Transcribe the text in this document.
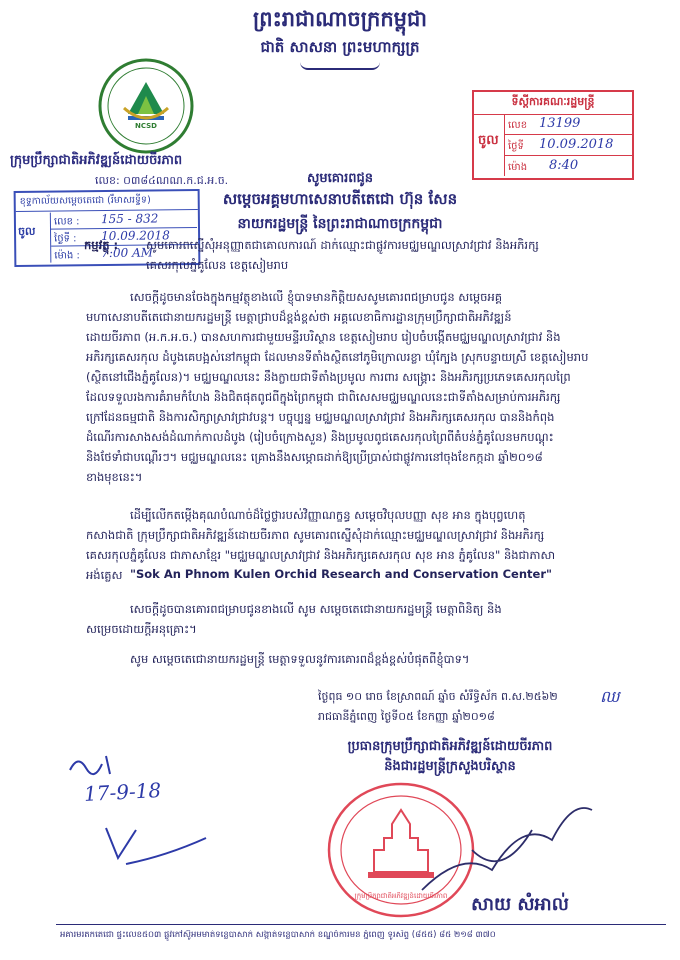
ព្រះរាជាណាចក្រកម្ពុជា
ជាតិ សាសនា ព្រះមហាក្សត្រ
NCSD
ក្រុមប្រឹក្សាជាតិអភិវឌ្ឍន៍ដោយចីរភាព
លេខ: ០៣៨៤ណណ.ក.ជ.អ.ច.
ខុទ្ទកាល័យសម្ដេចតេជោ (រឹមាសរទ្វីទ)
ចូល
លេខ : 155 - 832
ថ្ងៃទី : 10.09.2018
ម៉ោង : 7:00 AM
ទីស្ដីការគណៈរដ្ឋមន្ត្រី
ចូល
លេខ 13199
ថ្ងៃទី 10.09.2018
ម៉ោង 8:40
សូមគោរពជូន
សម្ដេចអគ្គមហាសេនាបតីតេជោ ហ៊ុន សែន
នាយករដ្ឋមន្ត្រី នៃព្រះរាជាណាចក្រកម្ពុជា
កម្មវត្ថុ : សូមគោរពស្នើសុំអនុញ្ញាតជាគោលការណ៍ ដាក់ឈ្មោះជាផ្លូវការមជ្ឈមណ្ឌលស្រាវជ្រាវ និងអភិរក្ស
គេសរកុលភ្នំគូលែន ខេត្តសៀមរាប
សេចក្ដីដូចមានចែងក្នុងកម្មវត្ថុខាងលើ ខ្ញុំបាទមានកិត្តិយសសូមគោរពជម្រាបជូន សម្ដេចអគ្គ
មហាសេនាបតីតេជោនាយករដ្ឋមន្ត្រី មេត្តាជ្រាបដ៏ខ្ពង់ខ្ពស់ថា អគ្គលេខាធិការដ្ឋានក្រុមប្រឹក្សាជាតិអភិវឌ្ឍន៍
ដោយចីរភាព (អ.ក.អ.ច.) បានសហការជាមួយមន្ទីរបរិស្ថាន ខេត្តសៀមរាប រៀបចំបង្កើតមជ្ឈមណ្ឌលស្រាវជ្រាវ និង
អភិរក្សគេសរកុល ដំបូងគេបង្អស់នៅកម្ពុជា ដែលមានទីតាំងស្ថិតនៅភូមិក្រោលរខ្លា ឃុំក្បែង ស្រុកបន្ទាយស្រី ខេត្តសៀមរាប
(ស្ថិតនៅជើងភ្នំគូលែន)។ មជ្ឈមណ្ឌលនេះ នឹងក្លាយជាទីតាំងប្រមូល ការពារ សង្គ្រោះ និងអភិរក្សប្រភេទគេសរកុលព្រៃ
ដែលទទួលរងការគំរាមកំហែង និងជិតផុតពូជពីក្នុងព្រៃកម្ពុជា ជាពិសេសមជ្ឈមណ្ឌលនេះជាទីតាំងសម្រាប់ការអភិរក្ស
ក្រៅដែនធម្មជាតិ និងការសិក្សាស្រាវជ្រាវបន្ត។ បច្ចុប្បន្ន មជ្ឈមណ្ឌលស្រាវជ្រាវ និងអភិរក្សគេសរកុល បាននិងកំពុង
ដំណើរការសាងសង់ដំណាក់កាលដំបូង (រៀបចំក្រោងសួន) និងប្រមូលពូជគេសរកុលព្រៃពីតំបន់ភ្នំគូលែនមកបណ្ដុះ
និងថែទាំជាបណ្ដើរៗ។ មជ្ឈមណ្ឌលនេះ គ្រោងនឹងសម្ភោធដាក់ឱ្យប្រើប្រាស់ជាផ្លូវការនៅចុងខែកក្កដា ឆ្នាំ២០១៨
ខាងមុខនេះ។
ដើម្បីលើកតម្កើងគុណបំណាច់ដ៏ថ្លៃថ្លារបស់វិញ្ញាណក្ខន្ធ សម្ដេចវិបុលបញ្ញា សុខ អាន ក្នុងបុព្វហេតុ
កសាងជាតិ ក្រុមប្រឹក្សាជាតិអភិវឌ្ឍន៍ដោយចីរភាព សូមគោរពស្នើសុំដាក់ឈ្មោះមជ្ឈមណ្ឌលស្រាវជ្រាវ និងអភិរក្ស
គេសរកុលភ្នំគូលែន ជាភាសាខ្មែរ "មជ្ឈមណ្ឌលស្រាវជ្រាវ និងអភិរក្សគេសរកុល សុខ អាន ភ្នំគូលែន" និងជាភាសា
អង់គ្លេស "Sok An Phnom Kulen Orchid Research and Conservation Center"
សេចក្ដីដូចបានគោរពជម្រាបជូនខាងលើ សូម សម្ដេចតេជោនាយករដ្ឋមន្ត្រី មេត្តាពិនិត្យ និង
សម្រេចដោយក្ដីអនុគ្រោះ។
សូម សម្ដេចតេជោនាយករដ្ឋមន្ត្រី មេត្តាទទួលនូវការគោរពដ៏ខ្ពង់ខ្ពស់បំផុតពីខ្ញុំបាទ។
ឈ
ថ្ងៃពុធ ១០ រោច ខែស្រាពណ៍ ឆ្នាំច សំរឹទ្ធិស័ក ព.ស.២៥៦២
រាជធានីភ្នំពេញ ថ្ងៃទី០៥ ខែកញ្ញា ឆ្នាំ២០១៨
17-9-18
ប្រធានក្រុមប្រឹក្សាជាតិអភិវឌ្ឍន៍ដោយចីរភាព
និងជារដ្ឋមន្ត្រីក្រសួងបរិស្ថាន
ក្រុមប្រឹក្សាជាតិអភិវឌ្ឍន៍ដោយចីរភាព	សាយ សំអាល់
អគារមរតកតេជោ ផ្ទះលេខ៥០៣ ផ្លូវកៅស៊ូអមមាត់ទន្លេបាសាក់ សង្កាត់ទន្លេបាសាក់ ខណ្ឌចំការមន ភ្នំពេញ ទូរស័ព្ទ (៨៥៥) ៨៥ ២១៨ ៣៧០
